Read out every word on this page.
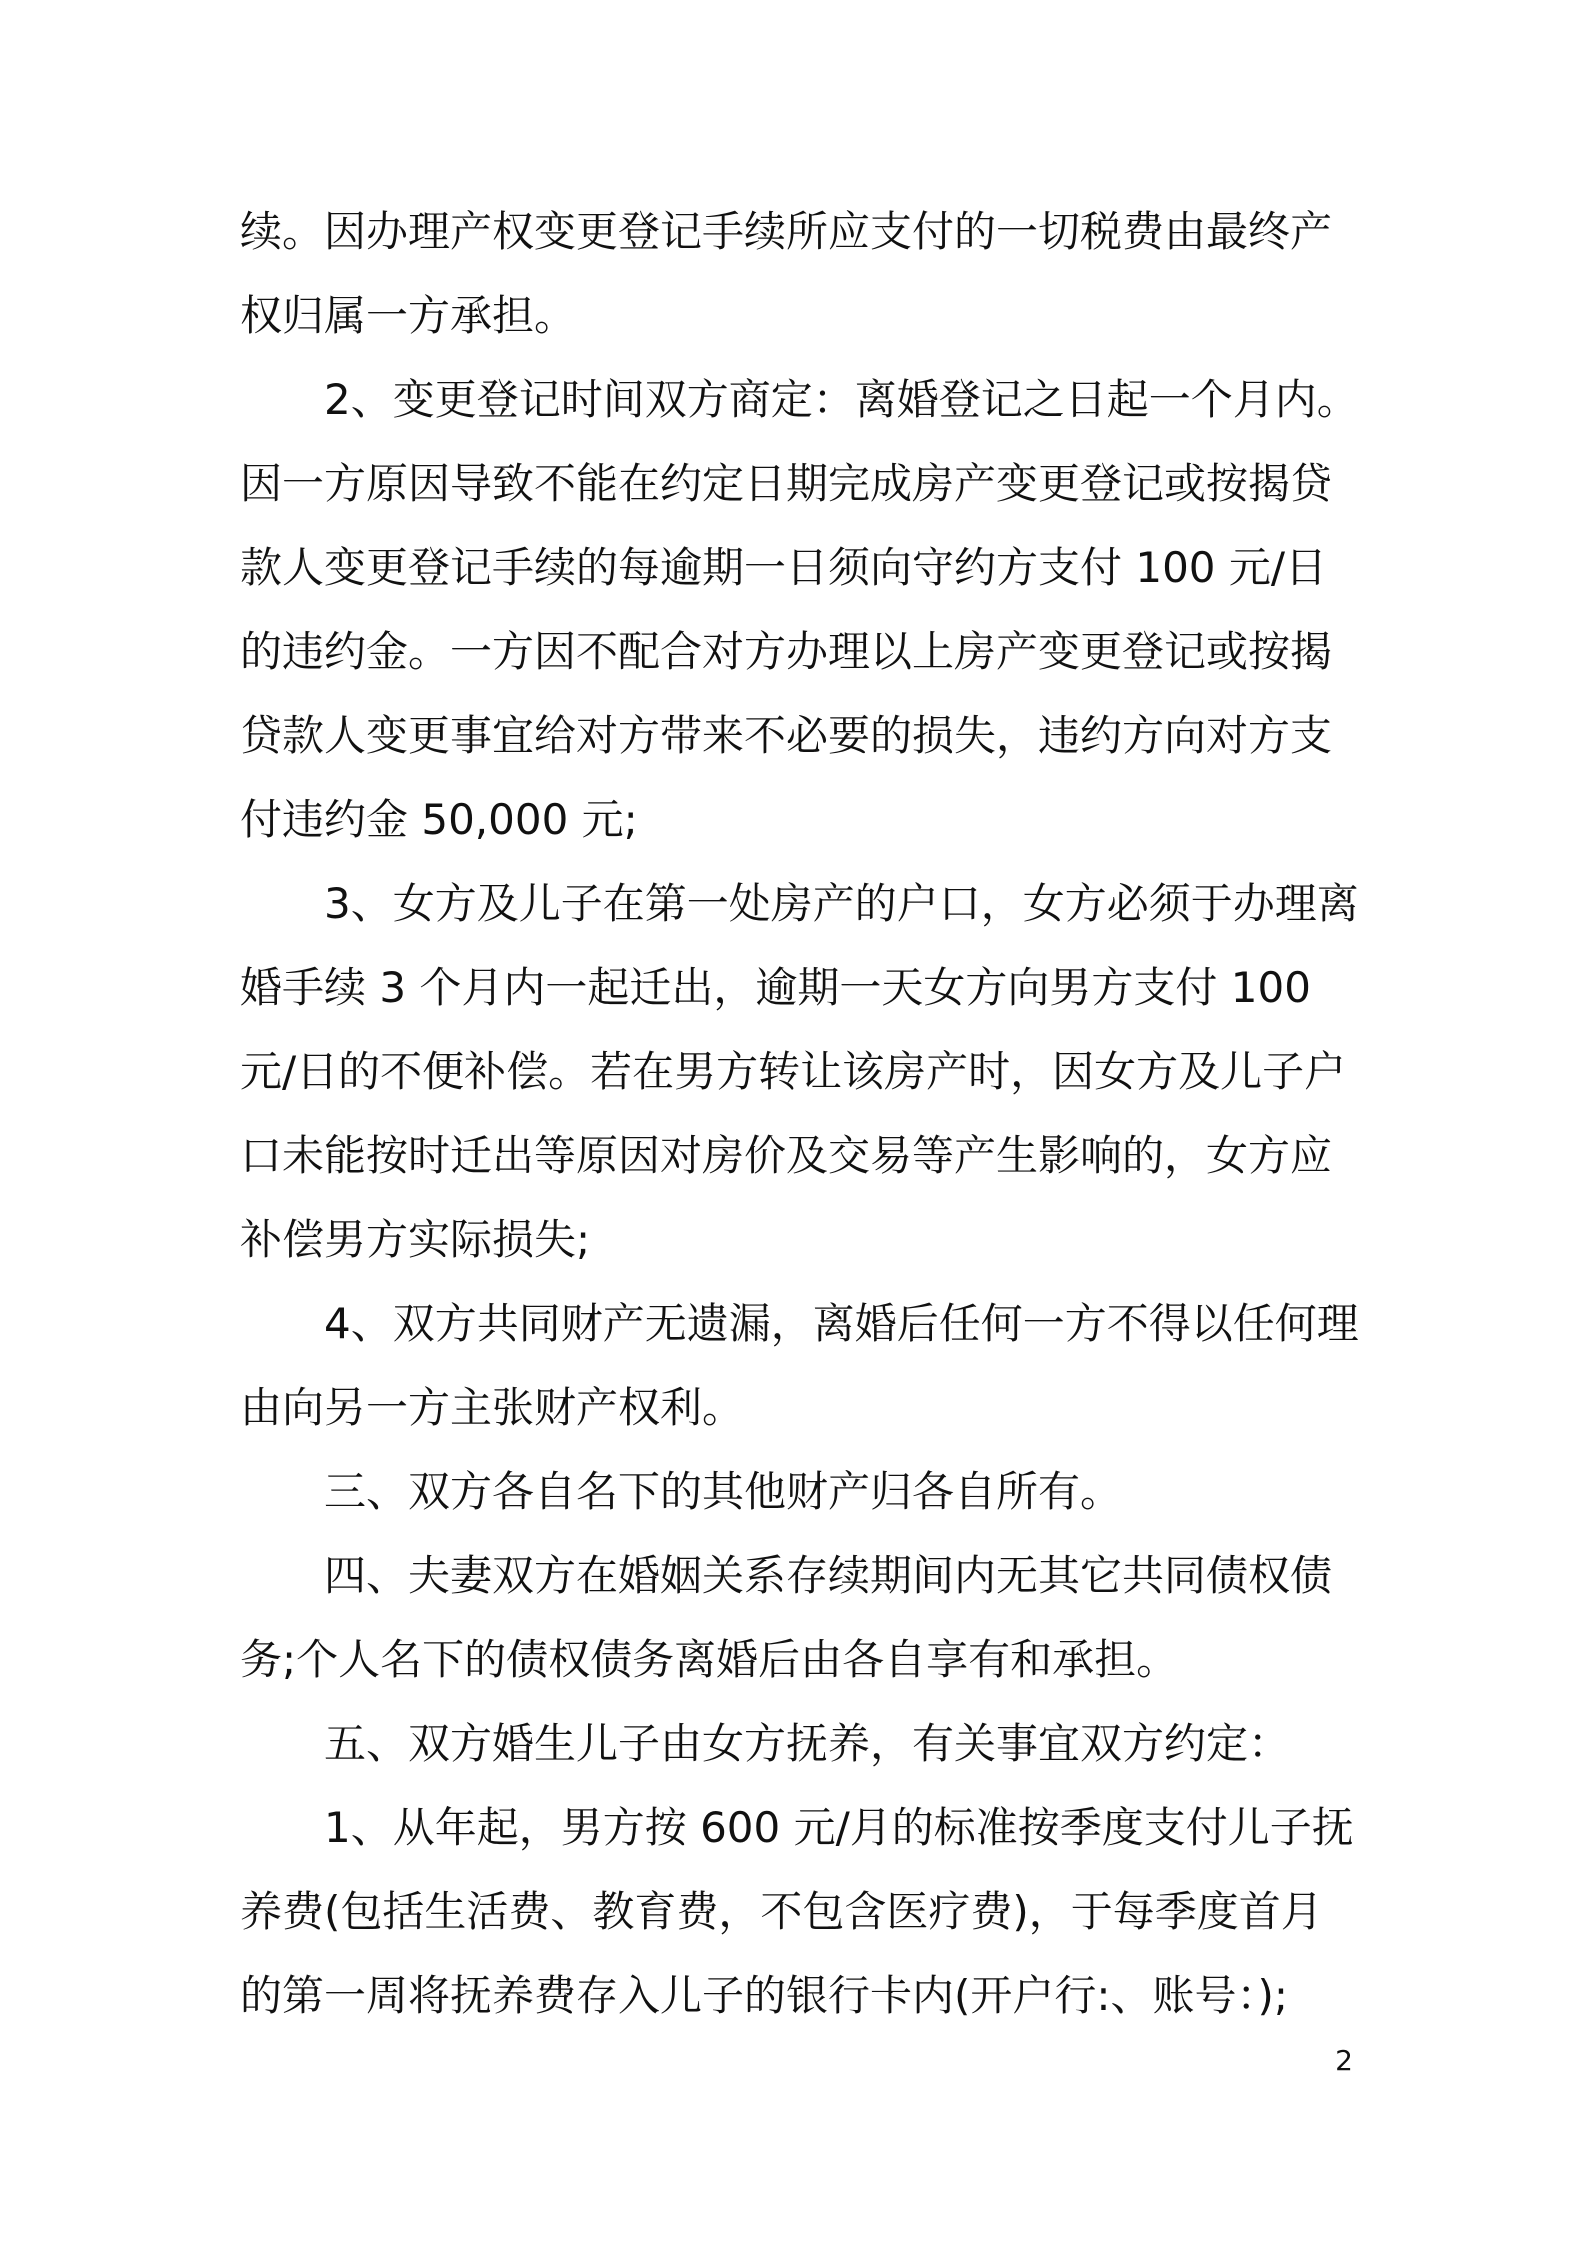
续。因办理产权变更登记手续所应支付的一切税费由最终产权归属一方承担。

2、变更登记时间双方商定：离婚登记之日起一个月内。因一方原因导致不能在约定日期完成房产变更登记或按揭贷款人变更登记手续的每逾期一日须向守约方支付 100 元/日的违约金。一方因不配合对方办理以上房产变更登记或按揭贷款人变更事宜给对方带来不必要的损失，违约方向对方支付违约金 50,000 元;

3、女方及儿子在第一处房产的户口，女方必须于办理离婚手续 3 个月内一起迁出，逾期一天女方向男方支付 100 元/日的不便补偿。若在男方转让该房产时，因女方及儿子户口未能按时迁出等原因对房价及交易等产生影响的，女方应补偿男方实际损失;

4、双方共同财产无遗漏，离婚后任何一方不得以任何理由向另一方主张财产权利。

三、双方各自名下的其他财产归各自所有。

四、夫妻双方在婚姻关系存续期间内无其它共同债权债务;个人名下的债权债务离婚后由各自享有和承担。

五、双方婚生儿子由女方抚养，有关事宜双方约定：

1、从年起，男方按 600 元/月的标准按季度支付儿子抚养费(包括生活费、教育费，不包含医疗费)，于每季度首月的第一周将抚养费存入儿子的银行卡内(开户行:、账号：);

2
